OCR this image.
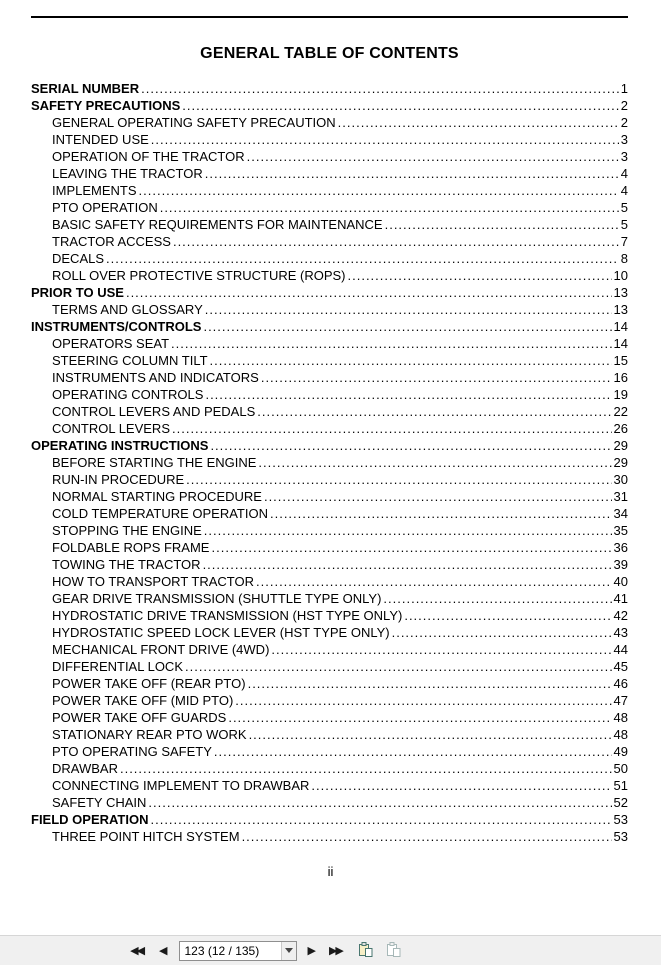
GENERAL TABLE OF CONTENTS
SERIAL NUMBER .....	1
SAFETY PRECAUTIONS .....	2
GENERAL OPERATING SAFETY PRECAUTION .....	2
INTENDED USE .....	3
OPERATION OF THE TRACTOR .....	3
LEAVING THE TRACTOR .....	4
IMPLEMENTS .....	4
PTO OPERATION .....	5
BASIC SAFETY REQUIREMENTS FOR MAINTENANCE .....	5
TRACTOR ACCESS .....	7
DECALS .....	8
ROLL OVER PROTECTIVE STRUCTURE (ROPS) .....	10
PRIOR TO USE .....	13
TERMS AND GLOSSARY .....	13
INSTRUMENTS/CONTROLS .....	14
OPERATORS SEAT .....	14
STEERING COLUMN TILT .....	15
INSTRUMENTS AND INDICATORS .....	16
OPERATING CONTROLS .....	19
CONTROL LEVERS AND PEDALS .....	22
CONTROL LEVERS .....	26
OPERATING INSTRUCTIONS .....	29
BEFORE STARTING THE ENGINE .....	29
RUN-IN PROCEDURE .....	30
NORMAL STARTING PROCEDURE .....	31
COLD TEMPERATURE OPERATION .....	34
STOPPING THE ENGINE .....	35
FOLDABLE ROPS FRAME .....	36
TOWING THE TRACTOR .....	39
HOW TO TRANSPORT TRACTOR .....	40
GEAR DRIVE TRANSMISSION (SHUTTLE TYPE ONLY) .....	41
HYDROSTATIC DRIVE TRANSMISSION (HST TYPE ONLY) .....	42
HYDROSTATIC SPEED LOCK LEVER (HST TYPE ONLY) .....	43
MECHANICAL FRONT DRIVE (4WD) .....	44
DIFFERENTIAL LOCK .....	45
POWER TAKE OFF (REAR PTO) .....	46
POWER TAKE OFF (MID PTO) .....	47
POWER TAKE OFF GUARDS .....	48
STATIONARY REAR PTO WORK .....	48
PTO OPERATING SAFETY .....	49
DRAWBAR .....	50
CONNECTING IMPLEMENT TO DRAWBAR .....	51
SAFETY CHAIN .....	52
FIELD OPERATION .....	53
THREE POINT HITCH SYSTEM .....	53
ii
◀◀	◀
123 (12 / 135)	▶ ▶▶
